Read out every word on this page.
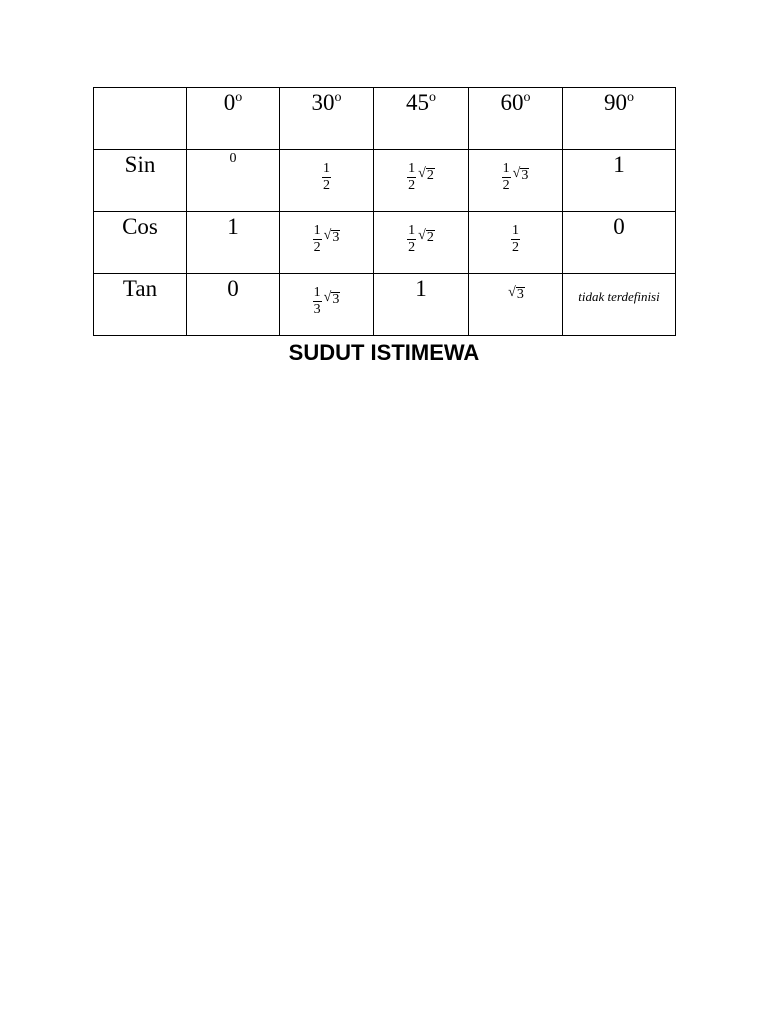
	0$^o$	30$^o$	45$^o$	60$^o$	90$^o$

Sin	0	$\frac{1}{2}$	$\frac{1}{2}$ √ 2	$\frac{1}{2}$ √ 3	1

Cos	1	$\frac{1}{2}$ √ 3	$\frac{1}{2}$ √ 2	$\frac{1}{2}$	0

Tan	0	$\frac{1}{3}$ √ 3	1	√ 3	tidak terdefinisi
SUDUT ISTIMEWA
